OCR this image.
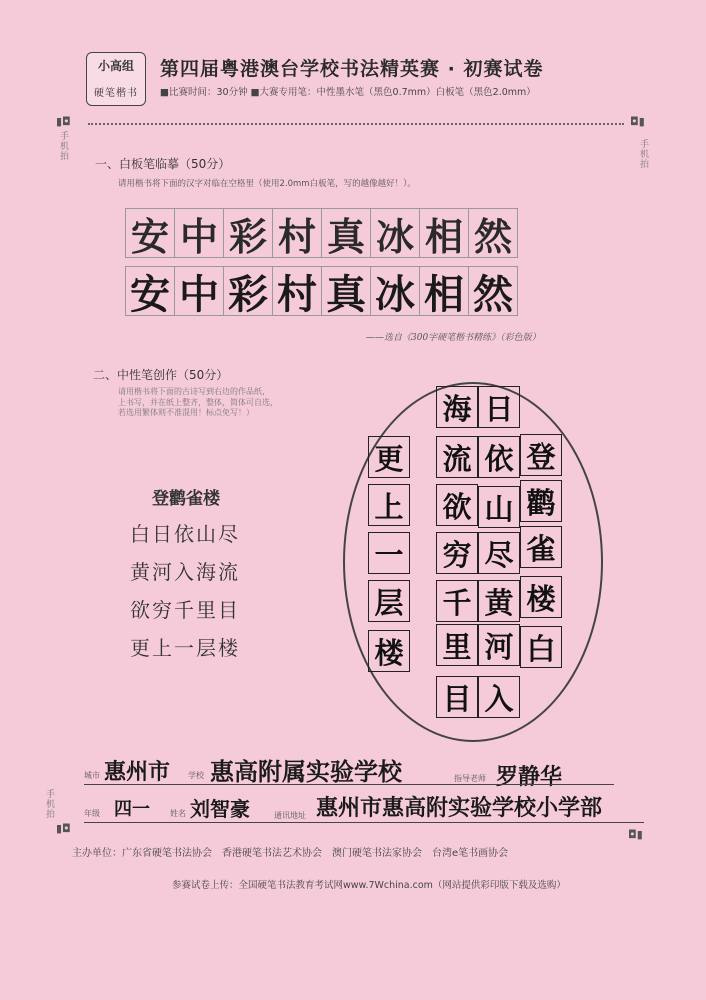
小高组
硬笔楷书
第四届粤港澳台学校书法精英赛 · 初赛试卷
■比赛时间：30分钟 ■大赛专用笔：中性墨水笔（黑色0.7mm）白板笔（黑色2.0mm）
▮◘	◘▮
手机拍
手机拍
一、白板笔临摹（50分）
请用楷书将下面的汉字对临在空格里（使用2.0mm白板笔，写的越像越好！）。
安 中 彩 村 真 冰 相 然
安 中 彩 村 真 冰 相 然
——选自《300字硬笔楷书精练》（彩色版）
二、中性笔创作（50分）
请用楷书将下面的古诗写到右边的作品纸，
上书写，并在纸上整齐，整体，简体可自选，
若选用繁体则不准混用！标点免写！）
登鹳雀楼
白日依山尽
黄河入海流
欲穷千里目
更上一层楼
登
鹳
雀
楼
白
日
依
山
尽
黄
河
入
海
流
欲
穷
千
里
目
更
上
一
层
楼
城市 惠州市 学校 惠高附属实验学校	指导老师 罗静华
年级 四一	姓名 刘智豪	通讯地址 惠州市惠高附实验学校小学部
▮◘	◘▮
手机拍
主办单位：广东省硬笔书法协会　香港硬笔书法艺术协会　澳门硬笔书法家协会　台湾e笔书画协会
参赛试卷上传：全国硬笔书法教育考试网www.7Wchina.com（网站提供彩印版下载及选购）
